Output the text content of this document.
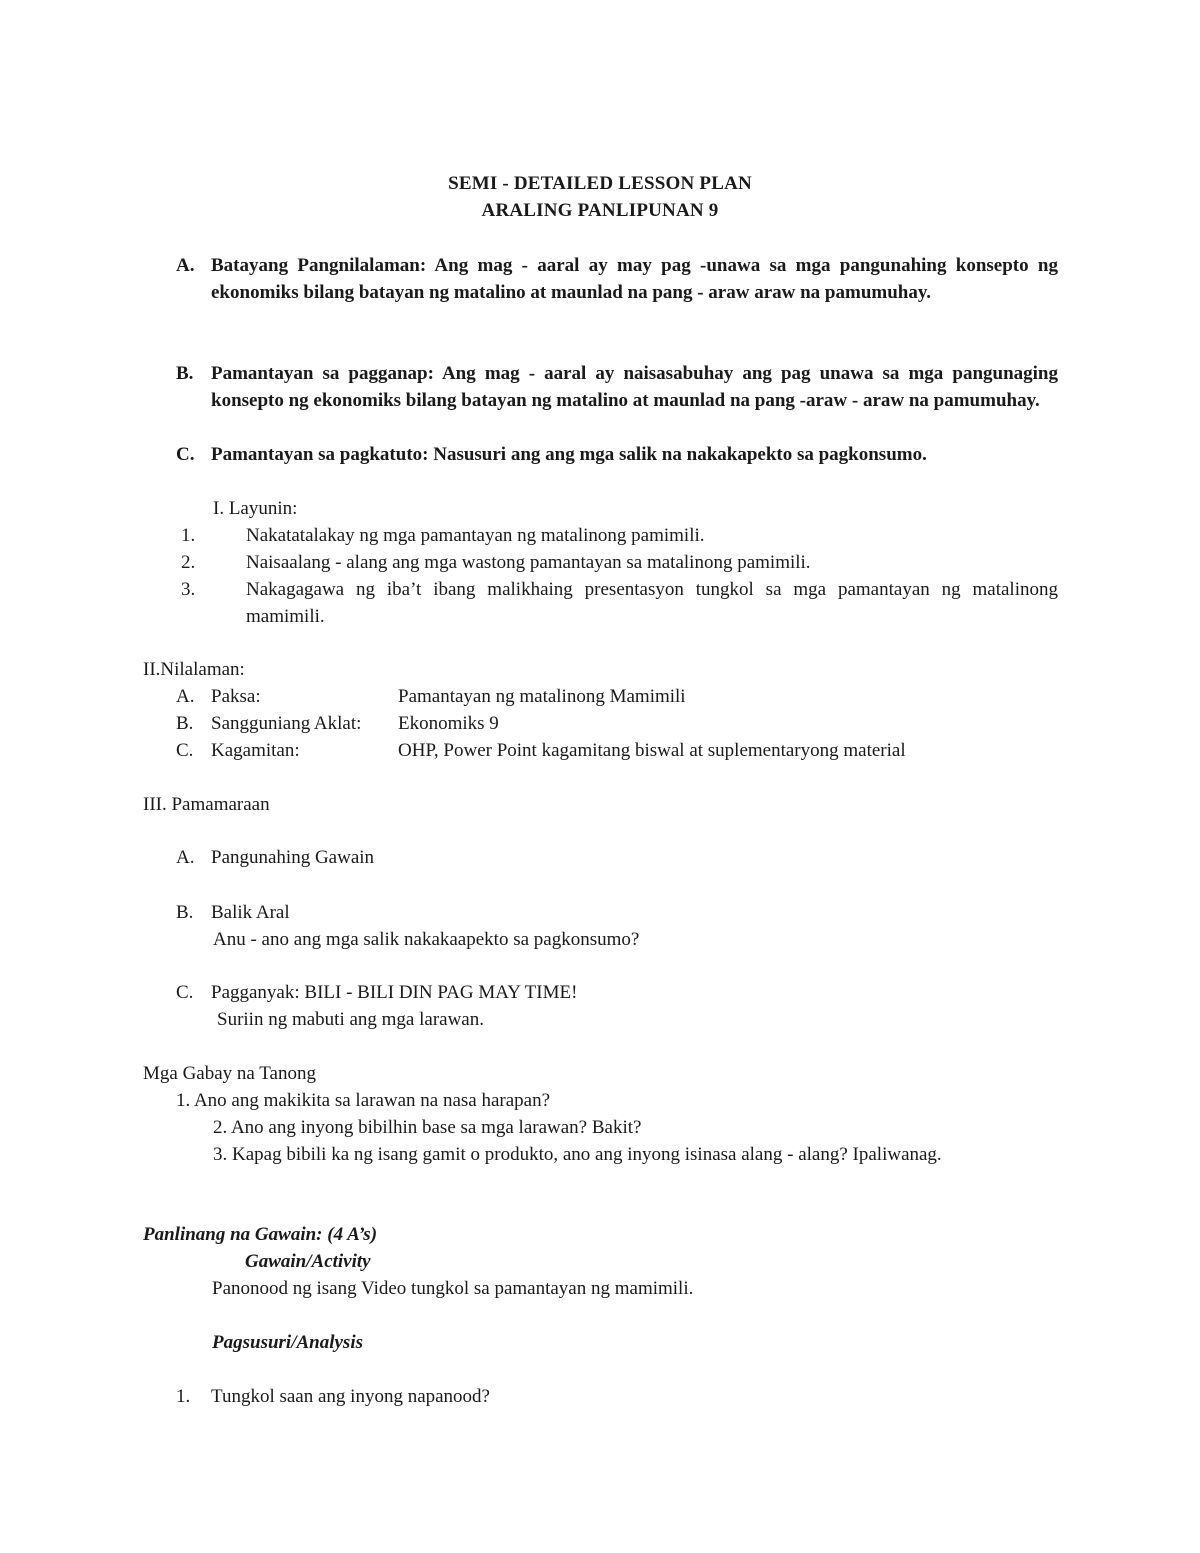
SEMI - DETAILED LESSON PLAN
ARALING PANLIPUNAN 9
A. Batayang Pangnilalaman: Ang mag - aaral ay may pag -unawa sa mga pangunahing konsepto ng ekonomiks bilang batayan ng matalino at maunlad na pang - araw araw na pamumuhay.
B. Pamantayan sa pagganap: Ang mag - aaral ay naisasabuhay ang pag unawa sa mga pangunaging konsepto ng ekonomiks bilang batayan ng matalino at maunlad na pang -araw - araw na pamumuhay.
C. Pamantayan sa pagkatuto: Nasusuri ang ang mga salik na nakakapekto sa pagkonsumo.
I. Layunin:
1.	Nakatatalakay ng mga pamantayan ng matalinong pamimili.
2.	Naisaalang - alang ang mga wastong pamantayan sa matalinong pamimili.
3.	Nakagagawa ng iba’t ibang malikhaing presentasyon tungkol sa mga pamantayan ng matalinong mamimili.
II.Nilalaman:
A. Paksa:	Pamantayan ng matalinong Mamimili
B. Sangguniang Aklat: Ekonomiks 9
C. Kagamitan:	OHP, Power Point kagamitang biswal at suplementaryong material
III. Pamamaraan
A. Pangunahing Gawain
B. Balik Aral
Anu - ano ang mga salik nakakaapekto sa pagkonsumo?
C. Pagganyak: BILI - BILI DIN PAG MAY TIME!
Suriin ng mabuti ang mga larawan.
Mga Gabay na Tanong
1. Ano ang makikita sa larawan na nasa harapan?
2. Ano ang inyong bibilhin base sa mga larawan? Bakit?
3. Kapag bibili ka ng isang gamit o produkto, ano ang inyong isinasa alang - alang? Ipaliwanag.
Panlinang na Gawain: (4 A’s)
Gawain/Activity
Panonood ng isang Video tungkol sa pamantayan ng mamimili.
Pagsusuri/Analysis
1. Tungkol saan ang inyong napanood?
